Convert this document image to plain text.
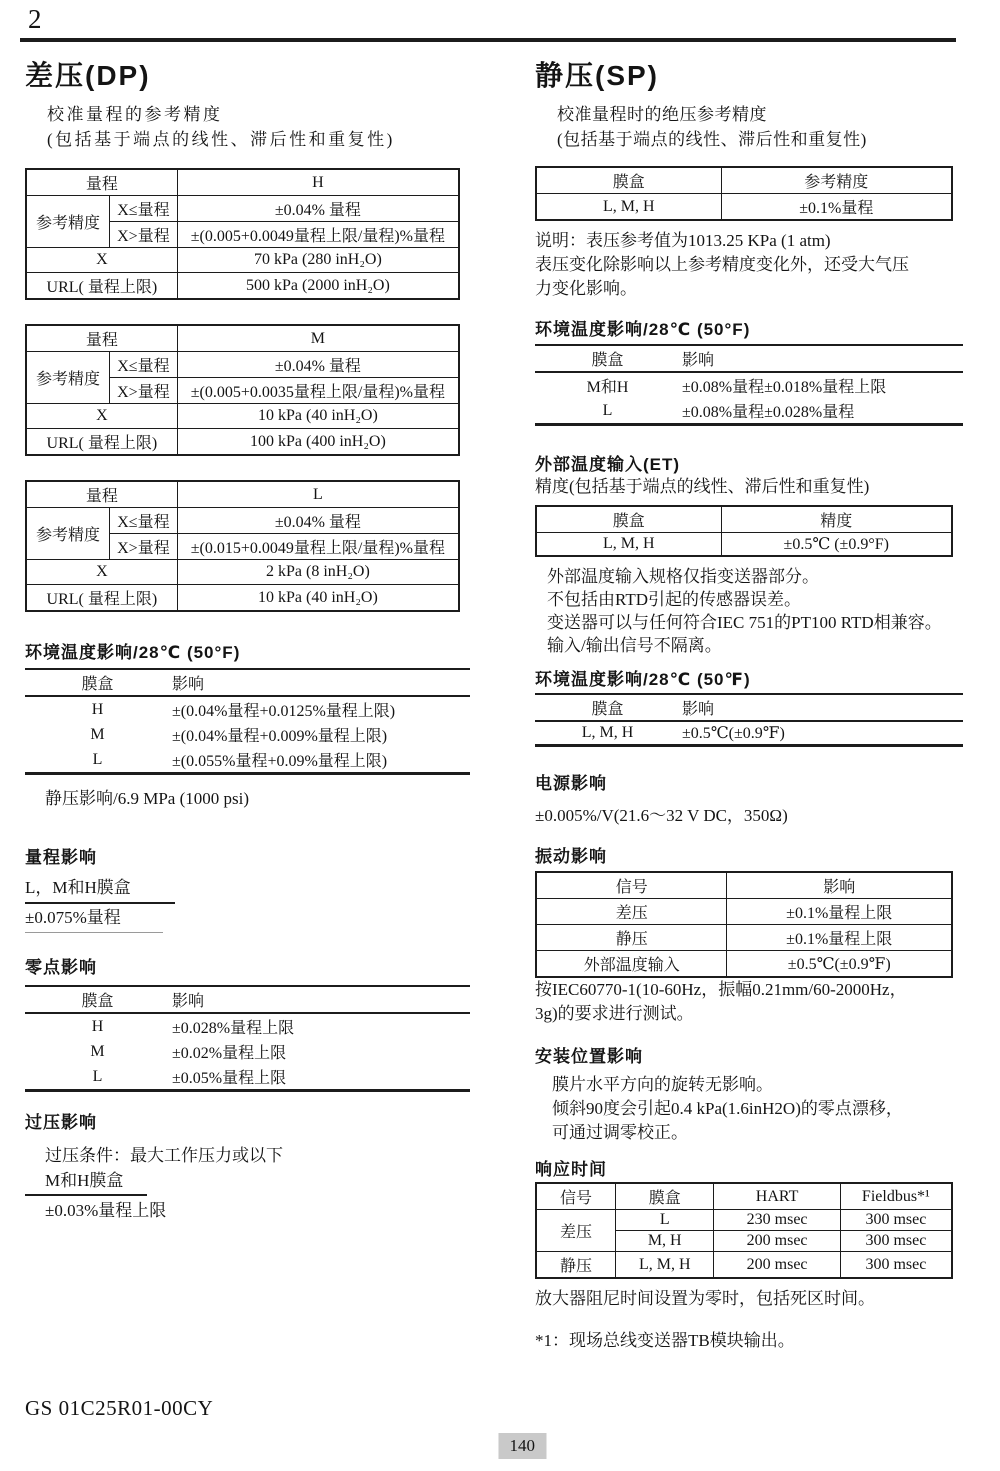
2
差压(DP)
校准量程的参考精度
(包括基于端点的线性、滞后性和重复性)
量程		H
参考精度	X≤量程	±0.04% 量程
	X>量程	±(0.005+0.0049量程上限/量程)%量程
X		70 kPa (280 inH₂O)
URL( 量程上限)		500 kPa (2000 inH₂O)
量程		M
参考精度	X≤量程	±0.04% 量程
	X>量程	±(0.005+0.0035量程上限/量程)%量程
X		10 kPa (40 inH₂O)
URL( 量程上限)		100 kPa (400 inH₂O)
量程		L
参考精度	X≤量程	±0.04% 量程
	X>量程	±(0.015+0.0049量程上限/量程)%量程
X		2 kPa (8 inH₂O)
URL( 量程上限)		10 kPa (40 inH₂O)
环境温度影响/28℃ (50°F)
膜盒	影响
H	±(0.04%量程+0.0125%量程上限)
M	±(0.04%量程+0.009%量程上限)
L	±(0.055%量程+0.09%量程上限)
静压影响/6.9 MPa (1000 psi)
量程影响
L，M和H膜盒
±0.075%量程
零点影响
膜盒	影响
H	±0.028%量程上限
M	±0.02%量程上限
L	±0.05%量程上限
过压影响
过压条件：最大工作压力或以下
M和H膜盒
±0.03%量程上限
静压(SP)
校准量程时的绝压参考精度
(包括基于端点的线性、滞后性和重复性)
膜盒	参考精度
L, M, H	±0.1%量程
说明：表压参考值为1013.25 KPa (1 atm)
表压变化除影响以上参考精度变化外，还受大气压
力变化影响。
环境温度影响/28℃ (50°F)
膜盒	影响
M和H	±0.08%量程±0.018%量程上限
L	±0.08%量程±0.028%量程
外部温度输入(ET)
精度(包括基于端点的线性、滞后性和重复性)
膜盒	精度
L, M, H	±0.5℃ (±0.9°F)
外部温度输入规格仅指变送器部分。
不包括由RTD引起的传感器误差。
变送器可以与任何符合IEC 751的PT100 RTD相兼容。
输入/输出信号不隔离。
环境温度影响/28℃ (50℉)
膜盒	影响
L, M, H	±0.5℃(±0.9℉)
电源影响
±0.005%/V(21.6～32 V DC，350Ω)
振动影响
信号	影响
差压	±0.1%量程上限
静压	±0.1%量程上限
外部温度输入	±0.5℃(±0.9℉)
按IEC60770-1(10-60Hz，振幅0.21mm/60-2000Hz，
3g)的要求进行测试。
安装位置影响
膜片水平方向的旋转无影响。
倾斜90度会引起0.4 kPa(1.6inH2O)的零点漂移，
可通过调零校正。
响应时间
信号	膜盒	HART	Fieldbus*¹
差压	L	230 msec	300 msec
	M, H	200 msec	300 msec
静压	L, M, H	200 msec	300 msec
放大器阻尼时间设置为零时，包括死区时间。
*1：现场总线变送器TB模块输出。
GS 01C25R01-00CY
140
